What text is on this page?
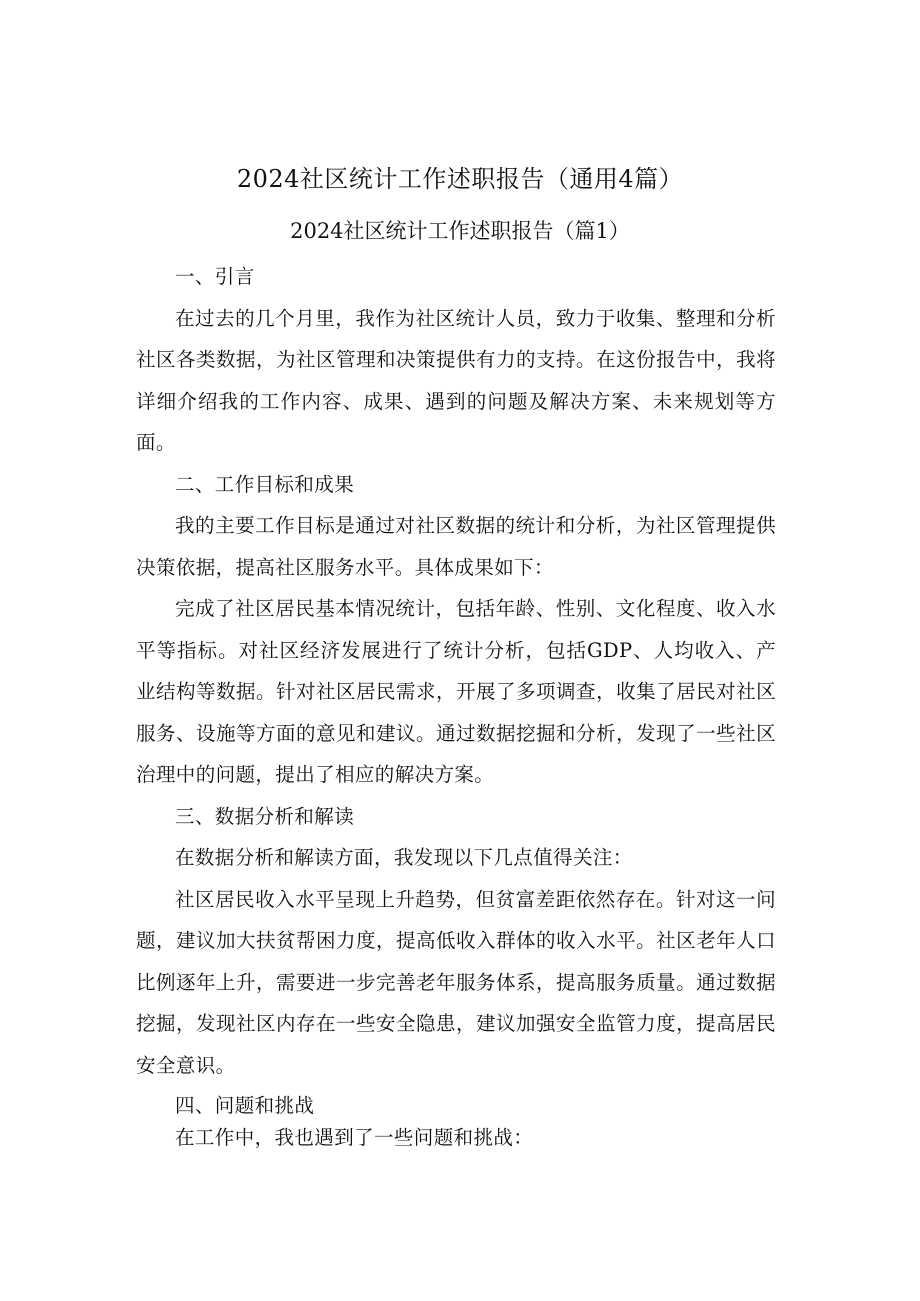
2024社区统计工作述职报告（通用4篇）
2024社区统计工作述职报告（篇1）
一、引言

在过去的几个月里，我作为社区统计人员，致力于收集、整理和分析社区各类数据，为社区管理和决策提供有力的支持。在这份报告中，我将详细介绍我的工作内容、成果、遇到的问题及解决方案、未来规划等方面。

二、工作目标和成果

我的主要工作目标是通过对社区数据的统计和分析，为社区管理提供决策依据，提高社区服务水平。具体成果如下：

完成了社区居民基本情况统计，包括年龄、性别、文化程度、收入水平等指标。对社区经济发展进行了统计分析，包括GDP、人均收入、产业结构等数据。针对社区居民需求，开展了多项调查，收集了居民对社区服务、设施等方面的意见和建议。通过数据挖掘和分析，发现了一些社区治理中的问题，提出了相应的解决方案。

三、数据分析和解读

在数据分析和解读方面，我发现以下几点值得关注：

社区居民收入水平呈现上升趋势，但贫富差距依然存在。针对这一问题，建议加大扶贫帮困力度，提高低收入群体的收入水平。社区老年人口比例逐年上升，需要进一步完善老年服务体系，提高服务质量。通过数据挖掘，发现社区内存在一些安全隐患，建议加强安全监管力度，提高居民安全意识。

四、问题和挑战

在工作中，我也遇到了一些问题和挑战：
